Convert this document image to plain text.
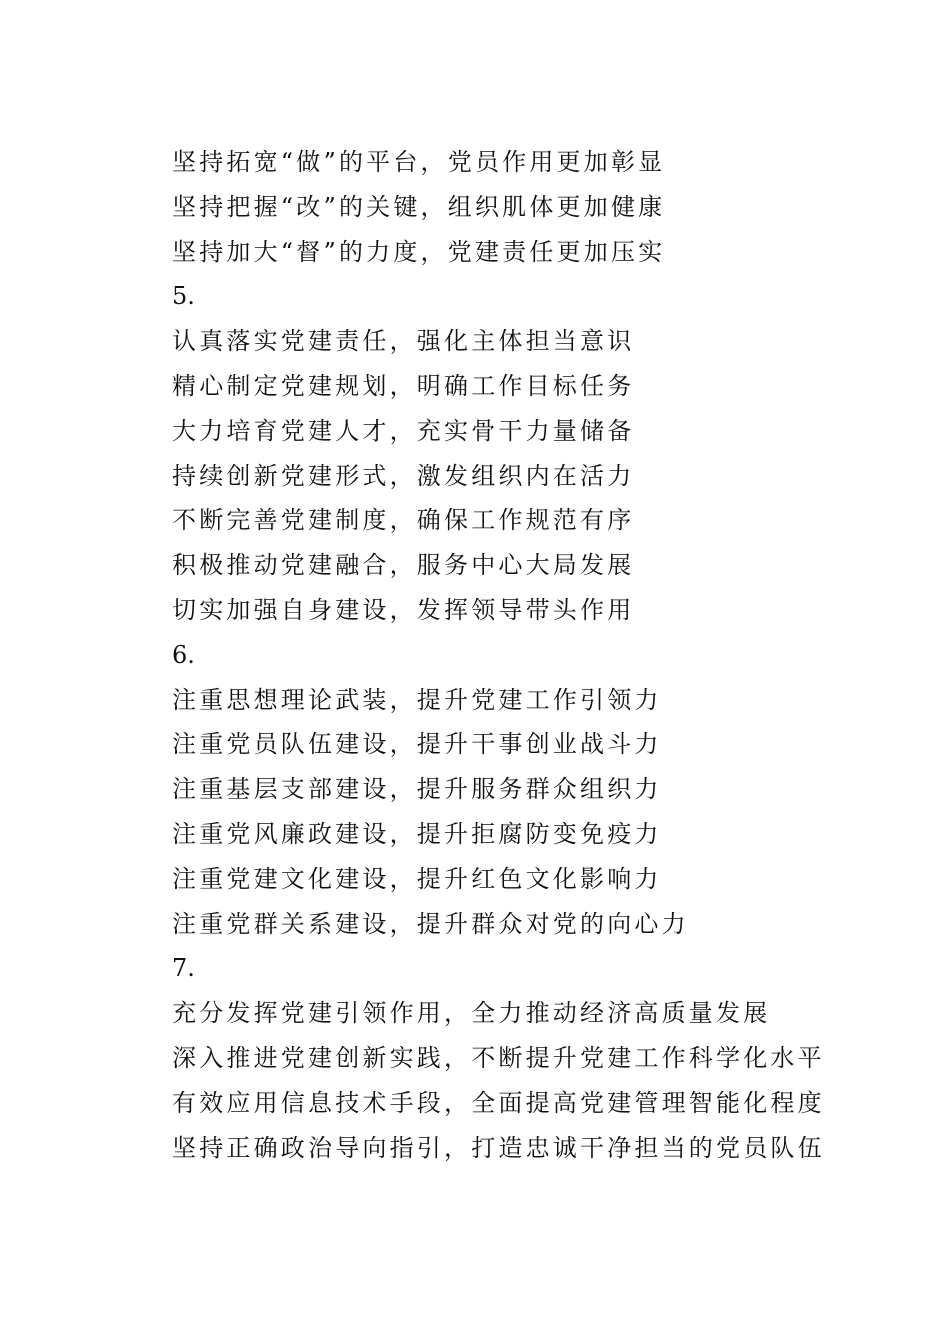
坚持拓宽“做”的平台，党员作用更加彰显
坚持把握“改”的关键，组织肌体更加健康
坚持加大“督”的力度，党建责任更加压实
5.
认真落实党建责任，强化主体担当意识
精心制定党建规划，明确工作目标任务
大力培育党建人才，充实骨干力量储备
持续创新党建形式，激发组织内在活力
不断完善党建制度，确保工作规范有序
积极推动党建融合，服务中心大局发展
切实加强自身建设，发挥领导带头作用
6.
注重思想理论武装，提升党建工作引领力
注重党员队伍建设，提升干事创业战斗力
注重基层支部建设，提升服务群众组织力
注重党风廉政建设，提升拒腐防变免疫力
注重党建文化建设，提升红色文化影响力
注重党群关系建设，提升群众对党的向心力
7.
充分发挥党建引领作用，全力推动经济高质量发展
深入推进党建创新实践，不断提升党建工作科学化水平
有效应用信息技术手段，全面提高党建管理智能化程度
坚持正确政治导向指引，打造忠诚干净担当的党员队伍
